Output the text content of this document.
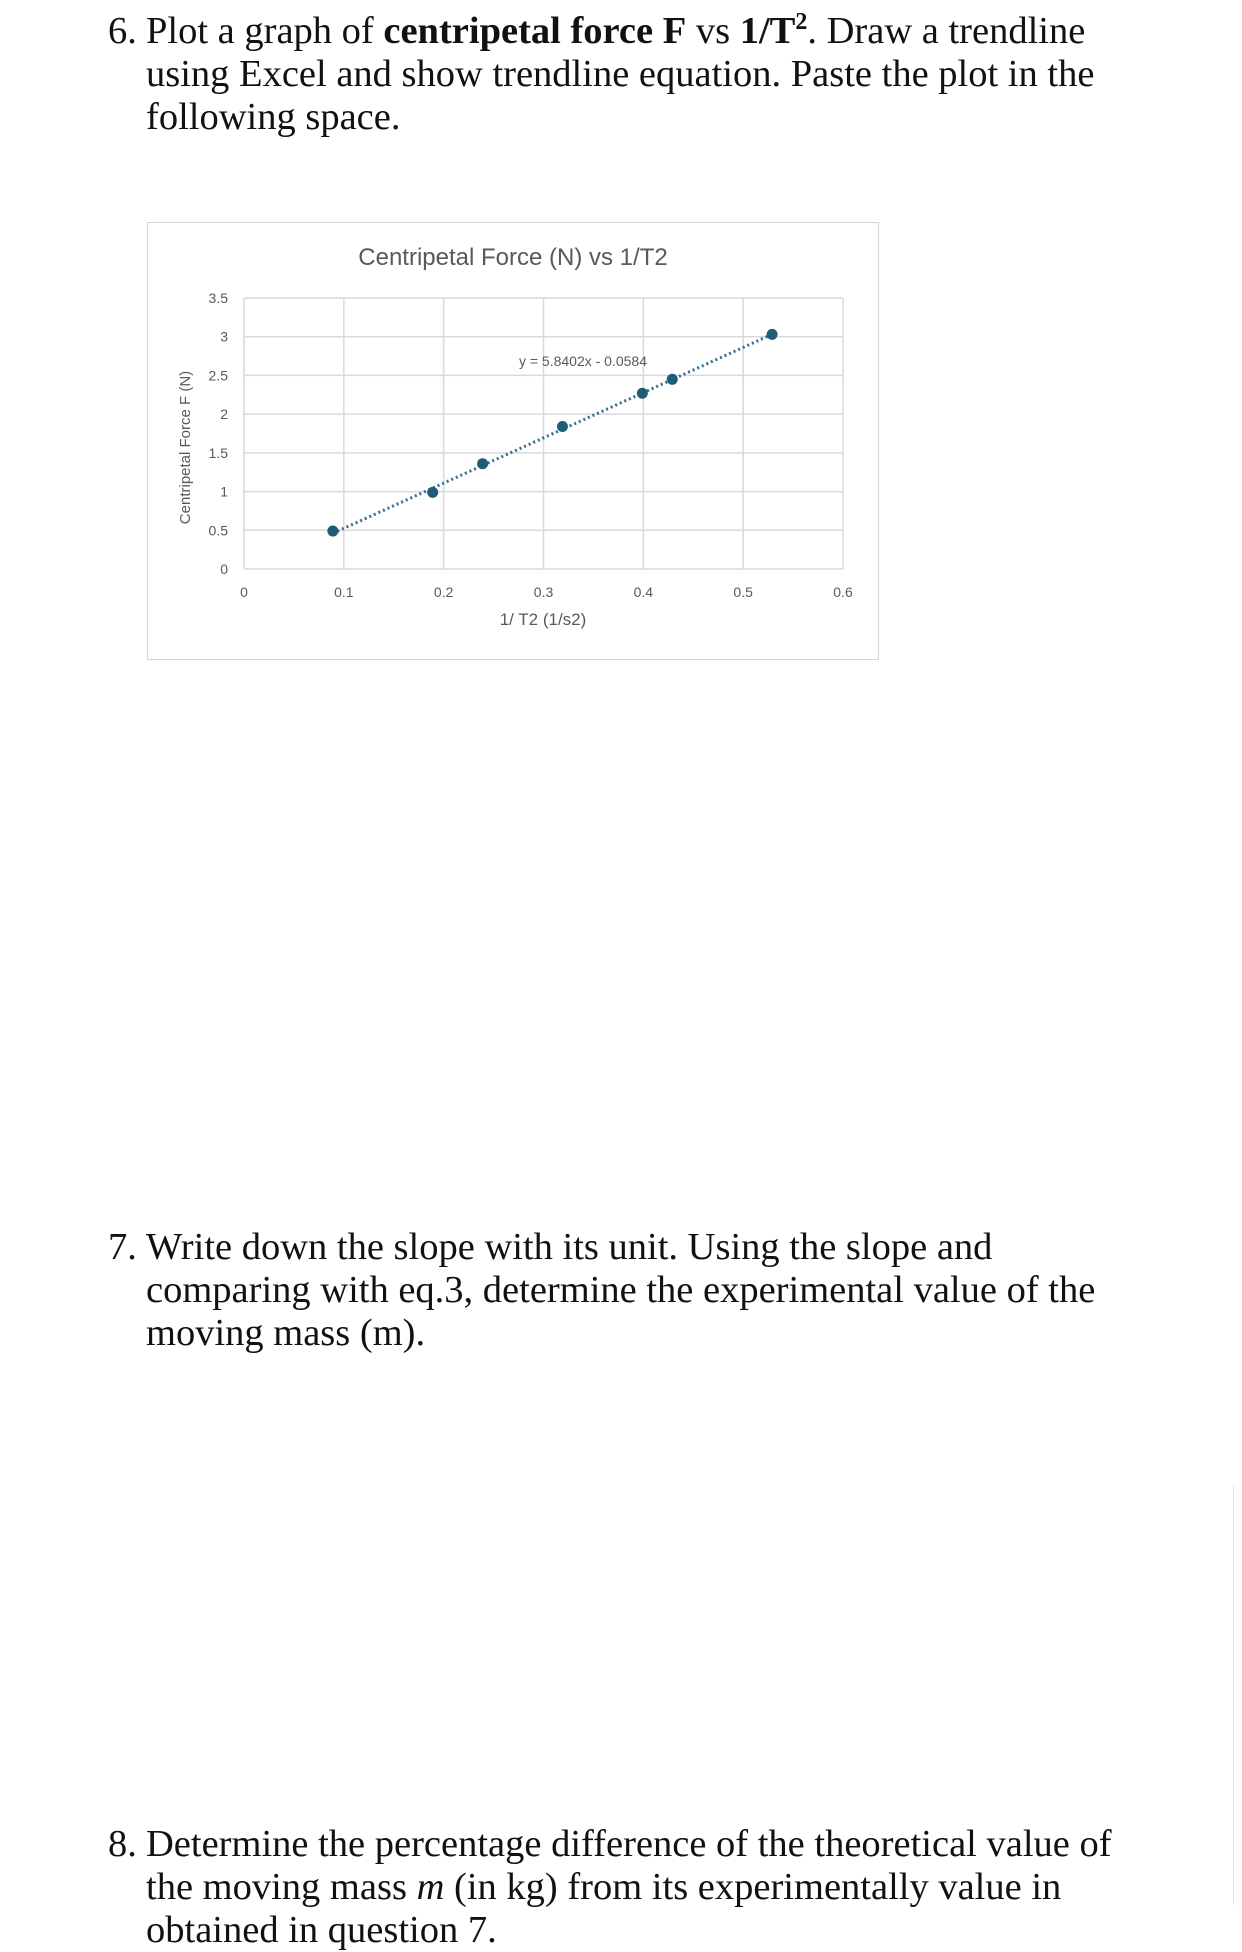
6. Plot a graph of centripetal force F vs $1/T^2$. Draw a trendline using Excel and show trendline equation. Paste the plot in the following space.
Centripetal Force (N) vs 1/T2
0
0.5
1
1.5
2
2.5
3
3.5
0	0.1	0.2	0.3	0.4	0.5	0.6
1/ T2 (1/s2)
Centripetal Force F (N)
y = 5.8402x - 0.0584
7. Write down the slope with its unit. Using the slope and comparing with eq.3, determine the experimental value of the moving mass (m).
8. Determine the percentage difference of the theoretical value of the moving mass m (in kg) from its experimentally value in obtained in question 7.
